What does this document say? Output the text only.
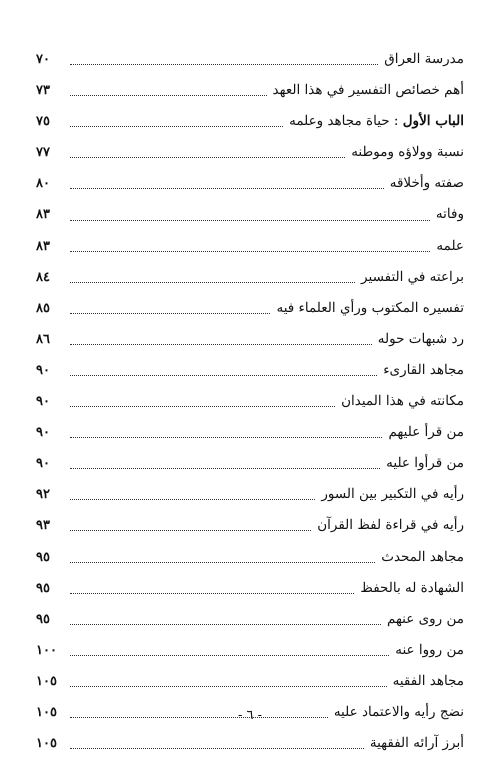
مدرسة العراق
٧٠
أهم خصائص التفسير في هذا العهد
٧٣
الباب الأول : حياة مجاهد وعلمه
٧٥
نسبة وولاؤه وموطنه
٧٧
صفته وأخلاقه
٨٠
وفاته
٨٣
علمه
٨٣
براعته في التفسير
٨٤
تفسيره المكتوب ورأي العلماء فيه
٨٥
رد شبهات حوله
٨٦
مجاهد القارىء
٩٠
مكانته في هذا الميدان
٩٠
من قرأ عليهم
٩٠
من قرأوا عليه
٩٠
رأيه في التكبير بين السور
٩٢
رأيه في قراءة لفظ القرآن
٩٣
مجاهد المحدث
٩٥
الشهادة له بالحفظ
٩٥
من روى عنهم
٩٥
من رووا عنه
١٠٠
مجاهد الفقيه
١٠٥
نضج رأيه والاعتماد عليه
١٠٥
أبرز آرائه الفقهية
١٠٥
- ٦ -
